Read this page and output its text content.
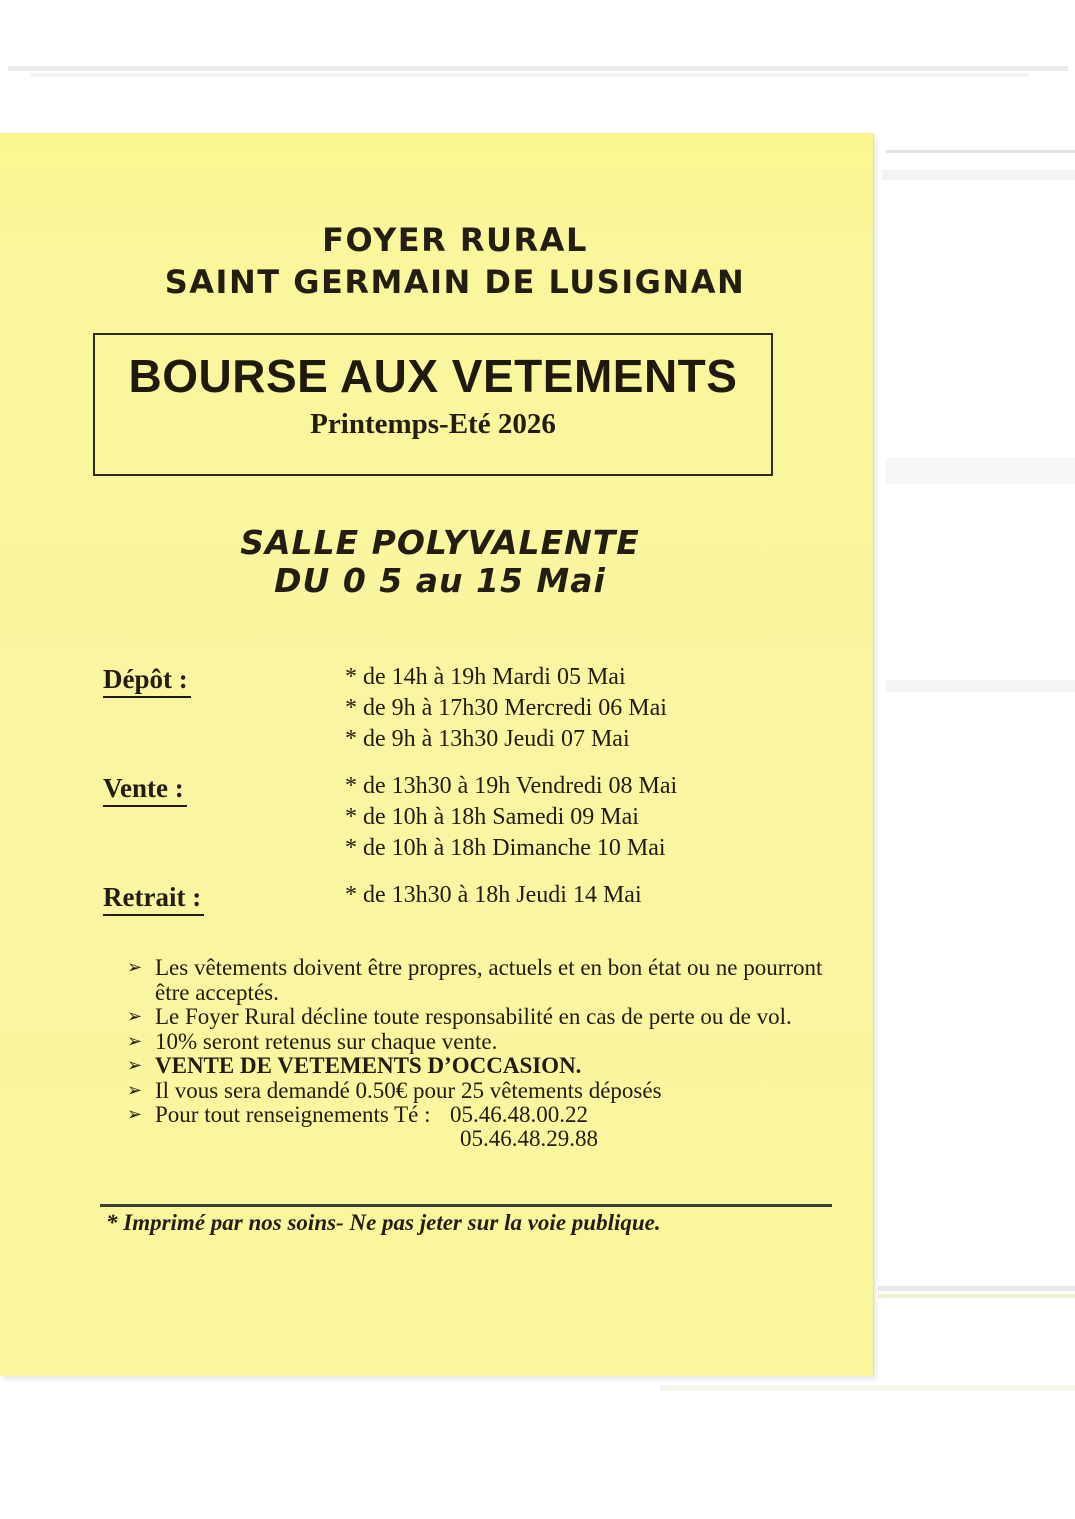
FOYER RURAL
SAINT GERMAIN DE LUSIGNAN
BOURSE AUX VETEMENTS
Printemps-Eté 2026
SALLE POLYVALENTE
DU 0 5 au 15 Mai
Dépôt :	* de 14h à 19h Mardi 05 Mai
* de 9h à 17h30 Mercredi 06 Mai
* de 9h à 13h30 Jeudi 07 Mai
Vente :	* de 13h30 à 19h Vendredi 08 Mai
* de 10h à 18h Samedi 09 Mai
* de 10h à 18h Dimanche 10 Mai
Retrait :	* de 13h30 à 18h Jeudi 14 Mai
➢ Les vêtements doivent être propres, actuels et en bon état ou ne pourront
être acceptés.
➢ Le Foyer Rural décline toute responsabilité en cas de perte ou de vol.
➢ 10% seront retenus sur chaque vente.
➢ VENTE DE VETEMENTS D’OCCASION.
➢ Il vous sera demandé 0.50€ pour 25 vêtements déposés
➢ Pour tout renseignements Té : 05.46.48.00.22
05.46.48.29.88
* Imprimé par nos soins- Ne pas jeter sur la voie publique.
